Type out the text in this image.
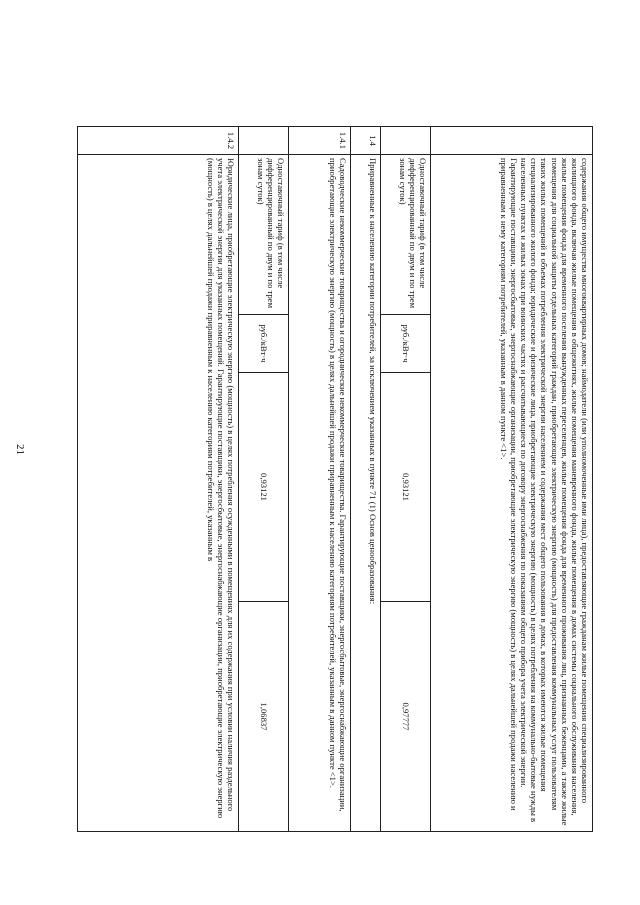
21
		содержания общего имущества многоквартирных домов; наймодатели (или уполномоченные ими лица), предоставляющие гражданам жилые помещения специализированного жилищного фонда, включая жилые помещения в общежитиях, жилые помещения маневренного фонда, жилые помещения в домах системы социального обслуживания населения, жилые помещения фонда для временного поселения вынужденных переселенцев, жилые помещения фонда для временного проживания лиц, признанных беженцами, а также жилые помещения для социальной защиты отдельных категорий граждан, приобретающие электрическую энергию (мощность) для предоставления коммунальных услуг пользователям таких жилых помещений в объемах потребления электрической энергии населением и содержания мест общего пользования в домах, в которых имеются жилые помещения специализированного жилого фонда; юридические и физические лица, приобретающие электрическую энергию (мощность) в целях потребления на коммунально-бытовые нужды в населенных пунктах и жилых зонах при воинских частях и рассчитывающиеся по договору энергоснабжения по показаниям общего прибора учета электрической энергии. Гарантирующие поставщики, энергосбытовые, энергоснабжающие организации, приобретающие электрическую энергию (мощность) в целях дальнейшей продажи населению и приравненным к нему категориям потребителей, указанным в данном пункте <1>.			
	Одноставочный тариф (в том числе дифференцированный по двум и по трем зонам суток)	руб./кВт·ч	0,93121	0,97777
1.4	Приравненные к населению категории потребителей, за исключением указанных в пункте 71 (1) Основ ценообразования:			
1.4.1	Садоводческие некоммерческие товарищества и огороднические некоммерческие товарищества. Гарантирующие поставщики, энергосбытовые, энергоснабжающие организации, приобретающие электрическую энергию (мощность) в целях дальнейшей продажи приравненным к населению категориям потребителей, указанным в данном пункте <1>.			
	Одноставочный тариф (в том числе дифференцированный по двум и по трем зонам суток)	руб./кВт·ч	0,93121	1,06837
1.4.2	Юридические лица, приобретающие электрическую энергию (мощность) в целях потребления осужденными в помещениях для их содержания при условии наличия раздельного учета электрической энергии для указанных помещений. Гарантирующие поставщики, энергосбытовые, энергоснабжающие организации, приобретающие электрическую энергию (мощность) в целях дальнейшей продажи приравненным к населению категориям потребителей, указанным в			
